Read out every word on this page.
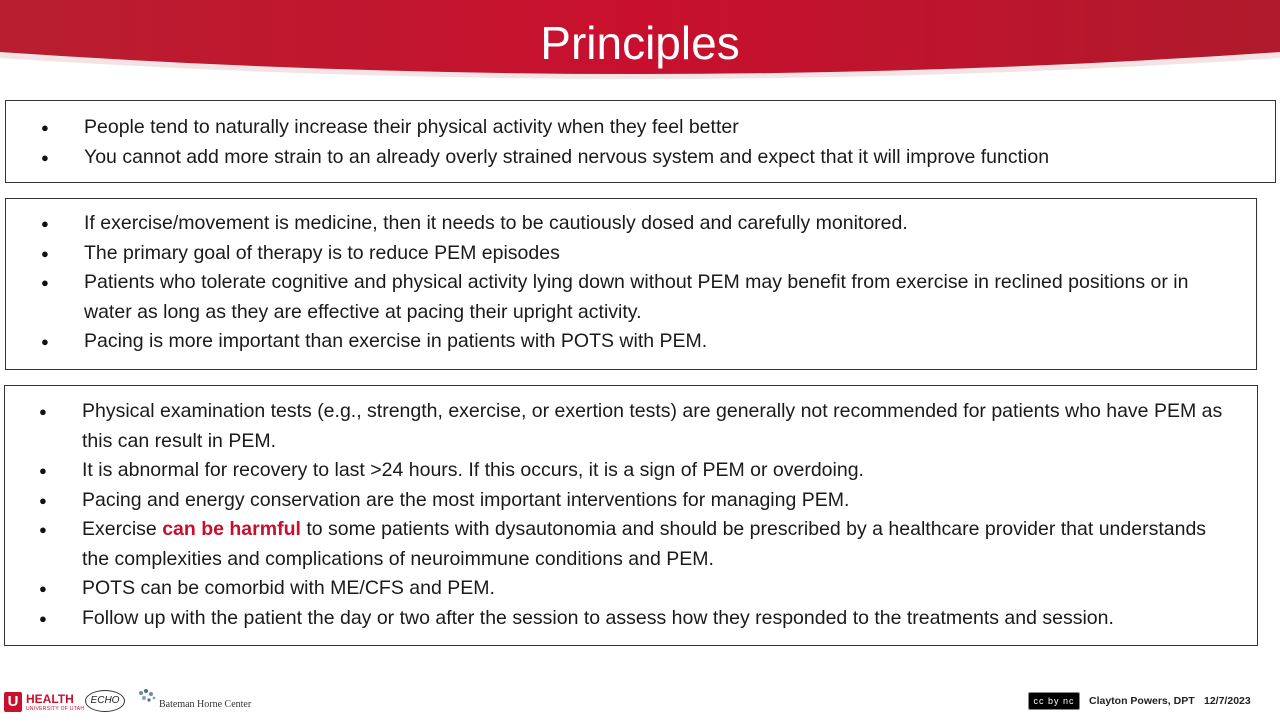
Principles
● People tend to naturally increase their physical activity when they feel better
● You cannot add more strain to an already overly strained nervous system and expect that it will improve function
● If exercise/movement is medicine, then it needs to be cautiously dosed and carefully monitored.
● The primary goal of therapy is to reduce PEM episodes
● Patients who tolerate cognitive and physical activity lying down without PEM may benefit from exercise in reclined positions or in water as long as they are effective at pacing their upright activity.
● Pacing is more important than exercise in patients with POTS with PEM.
● Physical examination tests (e.g., strength, exercise, or exertion tests) are generally not recommended for patients who have PEM as this can result in PEM.
● It is abnormal for recovery to last >24 hours. If this occurs, it is a sign of PEM or overdoing.
● Pacing and energy conservation are the most important interventions for managing PEM.
● Exercise can be harmful to some patients with dysautonomia and should be prescribed by a healthcare provider that understands the complexities and complications of neuroimmune conditions and PEM.
● POTS can be comorbid with ME/CFS and PEM.
● Follow up with the patient the day or two after the session to assess how they responded to the treatments and session.
U HEALTH
UNIVERSITY OF UTAH
ECHO	Bateman Horne Center	cc by nc sa
Clayton Powers, DPT 12/7/2023
